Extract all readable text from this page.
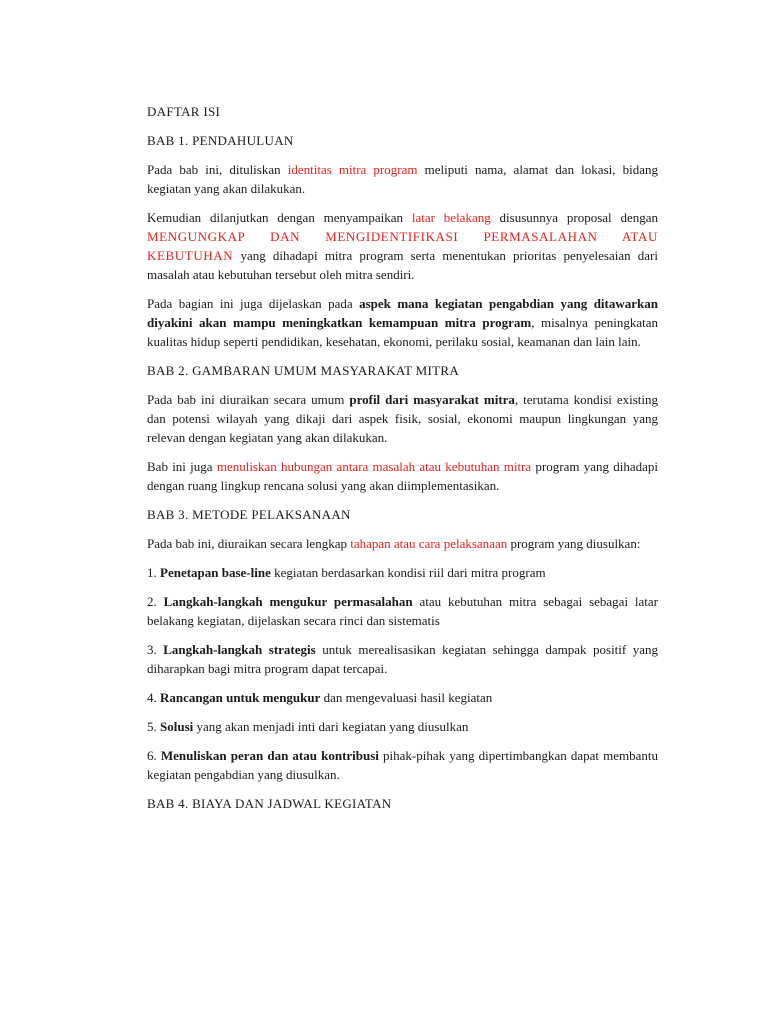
DAFTAR ISI
BAB 1. PENDAHULUAN

Pada bab ini, dituliskan identitas mitra program meliputi nama, alamat dan lokasi, bidang kegiatan yang akan dilakukan.

Kemudian dilanjutkan dengan menyampaikan latar belakang disusunnya proposal dengan MENGUNGKAP DAN MENGIDENTIFIKASI PERMASALAHAN ATAU KEBUTUHAN yang dihadapi mitra program serta menentukan prioritas penyelesaian dari masalah atau kebutuhan tersebut oleh mitra sendiri.

Pada bagian ini juga dijelaskan pada aspek mana kegiatan pengabdian yang ditawarkan diyakini akan mampu meningkatkan kemampuan mitra program, misalnya peningkatan kualitas hidup seperti pendidikan, kesehatan, ekonomi, perilaku sosial, keamanan dan lain lain.

BAB 2. GAMBARAN UMUM MASYARAKAT MITRA

Pada bab ini diuraikan secara umum profil dari masyarakat mitra, terutama kondisi existing dan potensi wilayah yang dikaji dari aspek fisik, sosial, ekonomi maupun lingkungan yang relevan dengan kegiatan yang akan dilakukan.

Bab ini juga menuliskan hubungan antara masalah atau kebutuhan mitra program yang dihadapi dengan ruang lingkup rencana solusi yang akan diimplementasikan.

BAB 3. METODE PELAKSANAAN

Pada bab ini, diuraikan secara lengkap tahapan atau cara pelaksanaan program yang diusulkan:

1. Penetapan base-line kegiatan berdasarkan kondisi riil dari mitra program

2. Langkah-langkah mengukur permasalahan atau kebutuhan mitra sebagai sebagai latar belakang kegiatan, dijelaskan secara rinci dan sistematis

3. Langkah-langkah strategis untuk merealisasikan kegiatan sehingga dampak positif yang diharapkan bagi mitra program dapat tercapai.

4. Rancangan untuk mengukur dan mengevaluasi hasil kegiatan

5. Solusi yang akan menjadi inti dari kegiatan yang diusulkan

6. Menuliskan peran dan atau kontribusi pihak-pihak yang dipertimbangkan dapat membantu kegiatan pengabdian yang diusulkan.

BAB 4. BIAYA DAN JADWAL KEGIATAN
